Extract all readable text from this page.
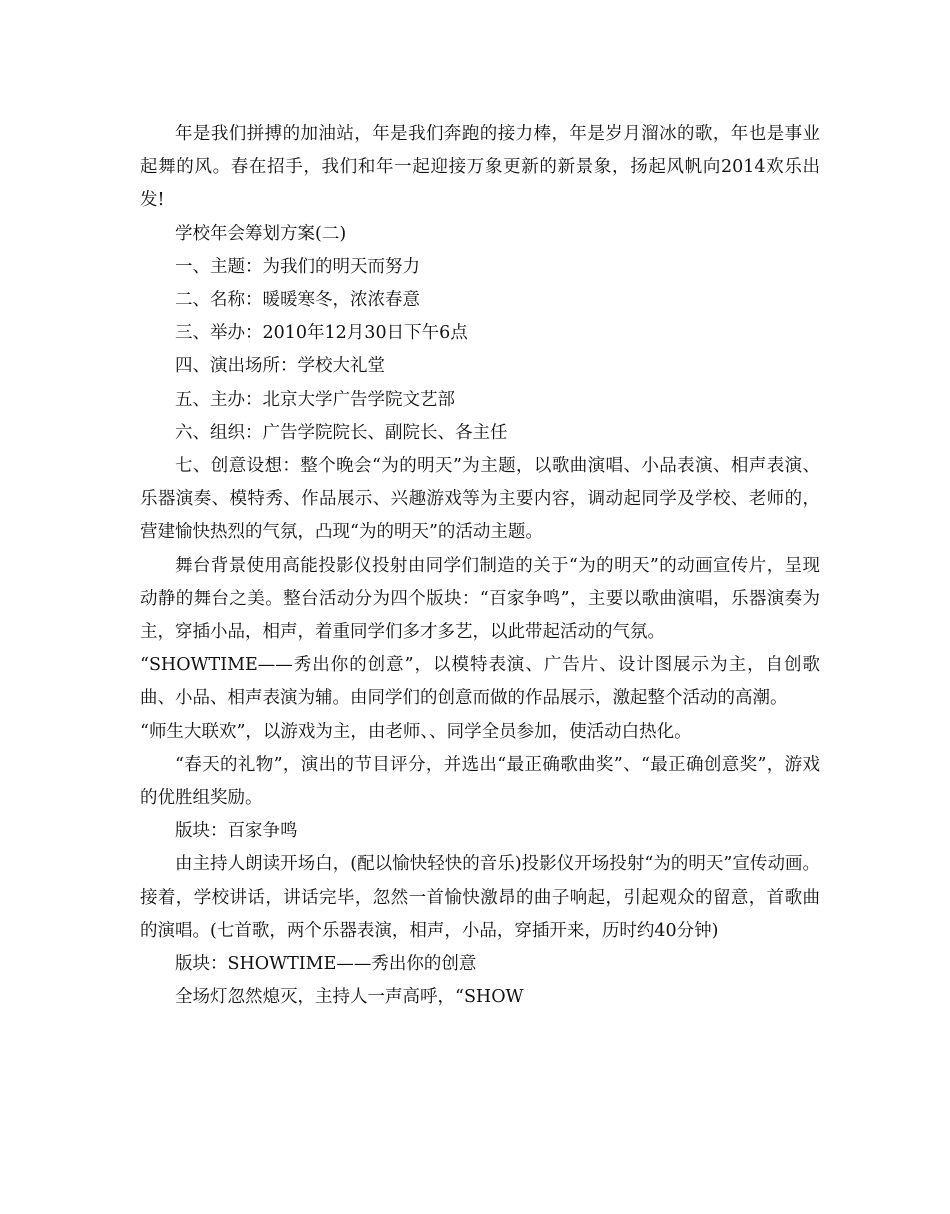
年是我们拼搏的加油站，年是我们奔跑的接力棒，年是岁月溜冰的歌，年也是事业起舞的风。春在招手，我们和年一起迎接万象更新的新景象，扬起风帆向2014欢乐出发!

学校年会筹划方案(二)

一、主题：为我们的明天而努力

二、名称：暖暖寒冬，浓浓春意

三、举办：2010年12月30日下午6点

四、演出场所：学校大礼堂

五、主办：北京大学广告学院文艺部

六、组织：广告学院院长、副院长、各主任

七、创意设想：整个晚会“为的明天”为主题，以歌曲演唱、小品表演、相声表演、乐器演奏、模特秀、作品展示、兴趣游戏等为主要内容，调动起同学及学校、老师的，营建愉快热烈的气氛，凸现“为的明天”的活动主题。

舞台背景使用高能投影仪投射由同学们制造的关于“为的明天”的动画宣传片，呈现动静的舞台之美。整台活动分为四个版块：“百家争鸣”，主要以歌曲演唱，乐器演奏为主，穿插小品，相声，着重同学们多才多艺，以此带起活动的气氛。

“SHOWTIME——秀出你的创意”，以模特表演、广告片、设计图展示为主，自创歌曲、小品、相声表演为辅。由同学们的创意而做的作品展示，激起整个活动的高潮。

“师生大联欢”，以游戏为主，由老师、、同学全员参加，使活动白热化。

“春天的礼物”，演出的节目评分，并选出“最正确歌曲奖”、“最正确创意奖”，游戏的优胜组奖励。

版块：百家争鸣

由主持人朗读开场白，(配以愉快轻快的音乐)投影仪开场投射“为的明天”宣传动画。接着，学校讲话，讲话完毕，忽然一首愉快激昂的曲子响起，引起观众的留意，首歌曲的演唱。(七首歌，两个乐器表演，相声，小品，穿插开来，历时约40分钟)

版块：SHOWTIME——秀出你的创意

全场灯忽然熄灭，主持人一声高呼，“SHOW
